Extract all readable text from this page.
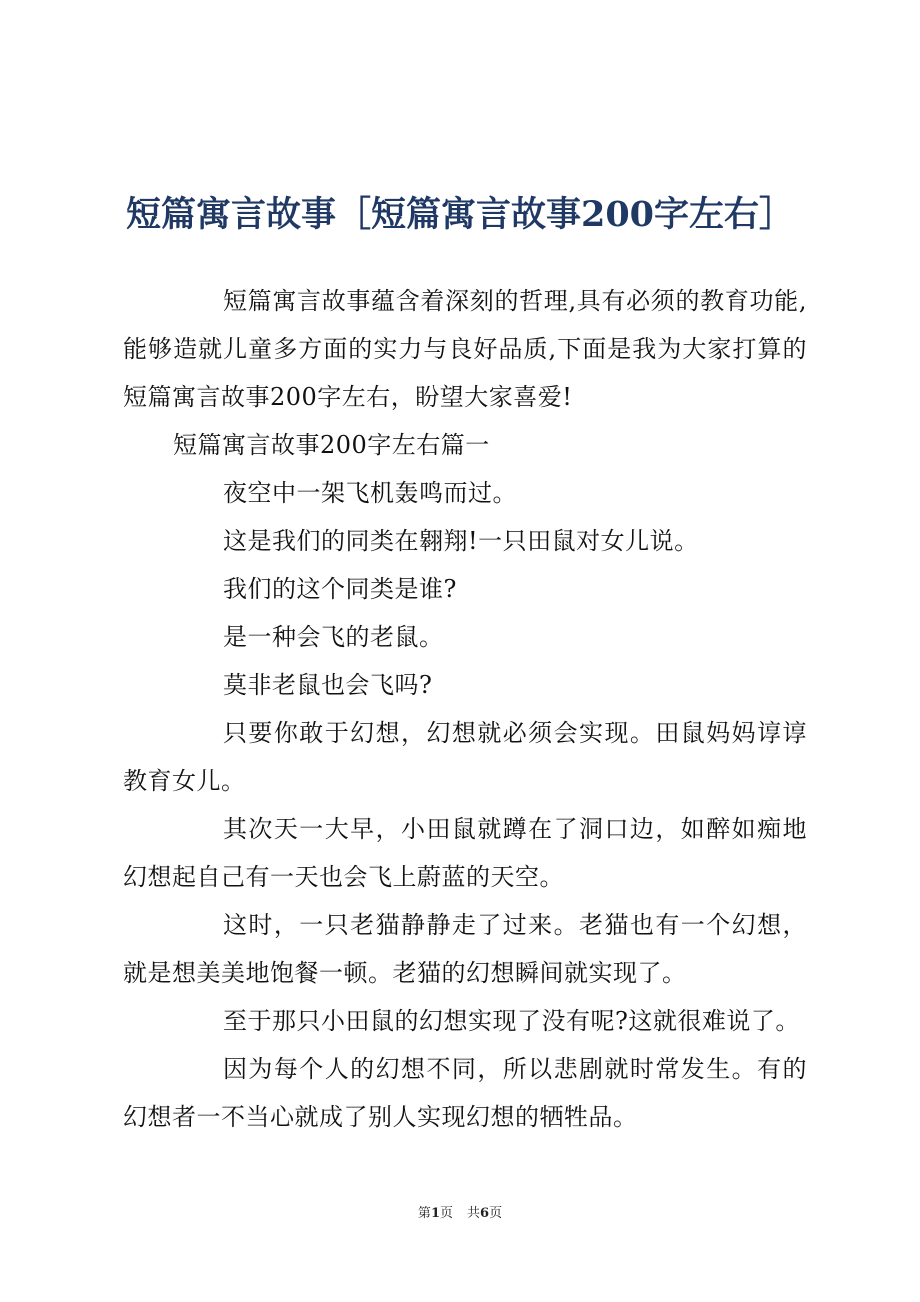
短篇寓言故事［短篇寓言故事200字左右］

短篇寓言故事蕴含着深刻的哲理,具有必须的教育功能,能够造就儿童多方面的实力与良好品质,下面是我为大家打算的短篇寓言故事200字左右，盼望大家喜爱!

短篇寓言故事200字左右篇一

夜空中一架飞机轰鸣而过。

这是我们的同类在翱翔!一只田鼠对女儿说。

我们的这个同类是谁?

是一种会飞的老鼠。

莫非老鼠也会飞吗?

只要你敢于幻想，幻想就必须会实现。田鼠妈妈谆谆教育女儿。

其次天一大早，小田鼠就蹲在了洞口边，如醉如痴地幻想起自己有一天也会飞上蔚蓝的天空。

这时，一只老猫静静走了过来。老猫也有一个幻想，就是想美美地饱餐一顿。老猫的幻想瞬间就实现了。

至于那只小田鼠的幻想实现了没有呢?这就很难说了。

因为每个人的幻想不同，所以悲剧就时常发生。有的幻想者一不当心就成了别人实现幻想的牺牲品。

第1页 共6页
